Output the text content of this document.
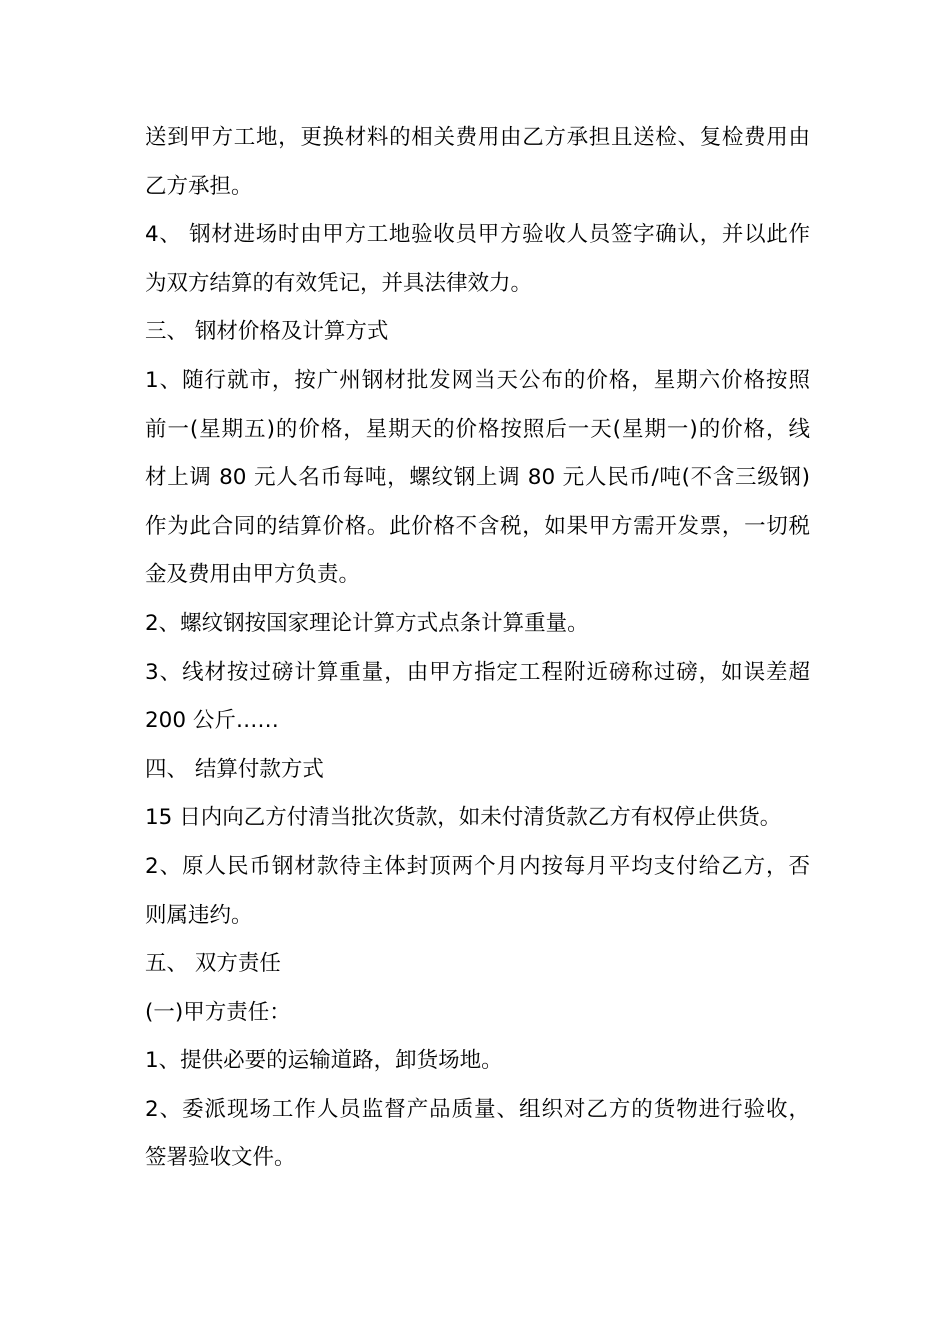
送到甲方工地，更换材料的相关费用由乙方承担且送检、复检费用由
乙方承担。
4、 钢材进场时由甲方工地验收员甲方验收人员签字确认，并以此作
为双方结算的有效凭记，并具法律效力。
三、 钢材价格及计算方式
1、随行就市，按广州钢材批发网当天公布的价格，星期六价格按照
前一(星期五)的价格，星期天的价格按照后一天(星期一)的价格，线
材上调 80 元人名币每吨，螺纹钢上调 80 元人民币/吨(不含三级钢)
作为此合同的结算价格。此价格不含税，如果甲方需开发票，一切税
金及费用由甲方负责。
2、螺纹钢按国家理论计算方式点条计算重量。
3、线材按过磅计算重量，由甲方指定工程附近磅称过磅，如误差超
200 公斤……
四、 结算付款方式
15 日内向乙方付清当批次货款，如未付清货款乙方有权停止供货。
2、原人民币钢材款待主体封顶两个月内按每月平均支付给乙方，否
则属违约。
五、 双方责任
(一)甲方责任：
1、提供必要的运输道路，卸货场地。
2、委派现场工作人员监督产品质量、组织对乙方的货物进行验收，
签署验收文件。
